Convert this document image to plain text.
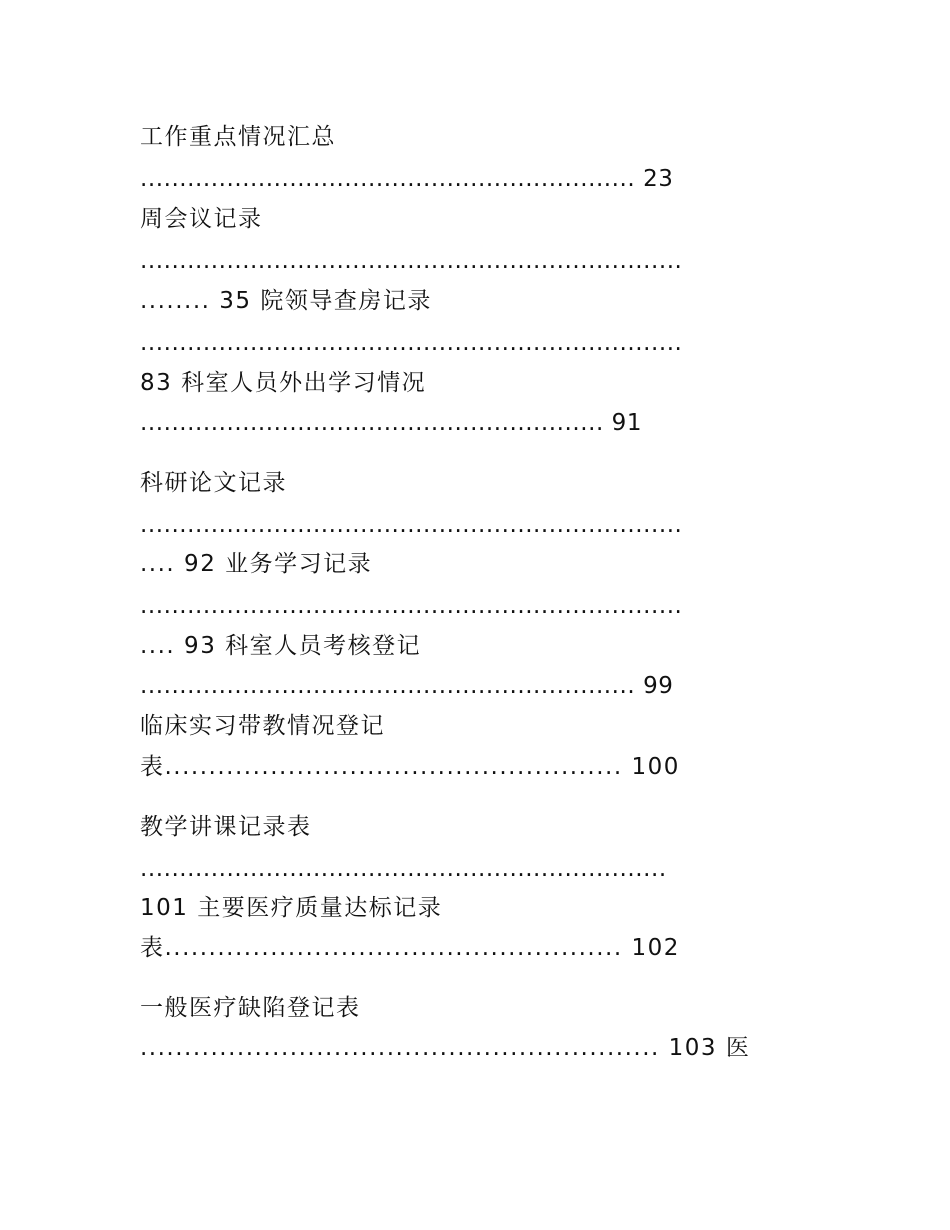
工作重点情况汇总
............................................................... 23
周会议记录
.....................................................................
........ 35 院领导查房记录
.....................................................................
83 科室人员外出学习情况
........................................................... 91
科研论文记录
.....................................................................
.... 92 业务学习记录
.....................................................................
.... 93 科室人员考核登记
............................................................... 99
临床实习带教情况登记
表.................................................... 100
教学讲课记录表
...................................................................
101 主要医疗质量达标记录
表.................................................... 102
一般医疗缺陷登记表
........................................................... 103 医
